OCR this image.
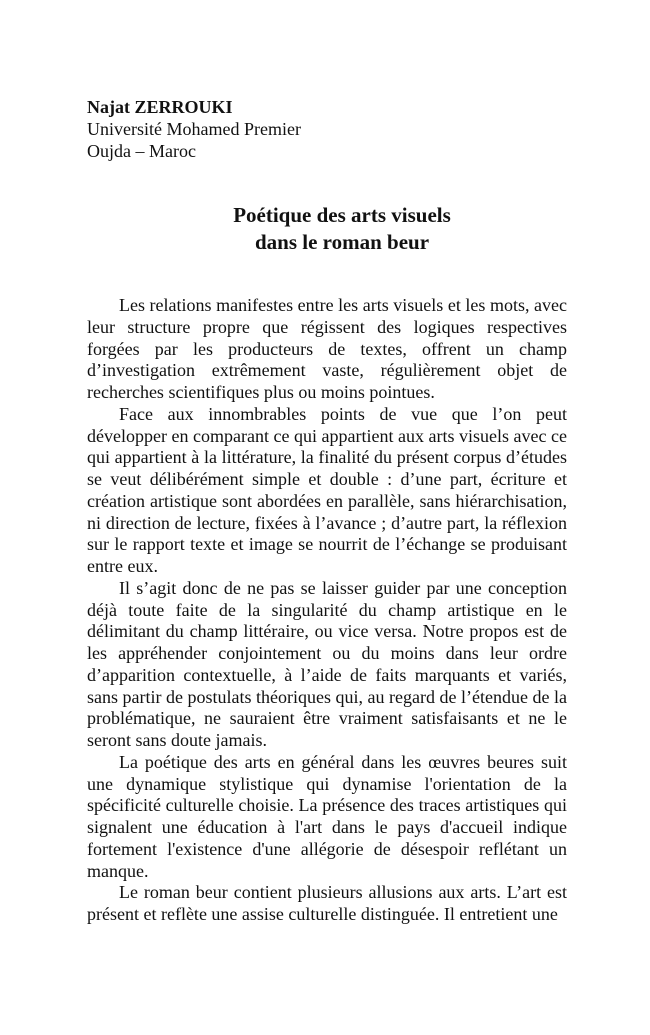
Najat ZERROUKI
Université Mohamed Premier
Oujda – Maroc
Poétique des arts visuels
dans le roman beur

Les relations manifestes entre les arts visuels et les mots, avec leur structure propre que régissent des logiques respectives forgées par les producteurs de textes, offrent un champ d’investigation extrêmement vaste, régulièrement objet de recherches scientifiques plus ou moins pointues.

Face aux innombrables points de vue que l’on peut développer en comparant ce qui appartient aux arts visuels avec ce qui appartient à la littérature, la finalité du présent corpus d’études se veut délibérément simple et double : d’une part, écriture et création artistique sont abordées en parallèle, sans hiérarchisation, ni direction de lecture, fixées à l’avance ; d’autre part, la réflexion sur le rapport texte et image se nourrit de l’échange se produisant entre eux.

Il s’agit donc de ne pas se laisser guider par une conception déjà toute faite de la singularité du champ artistique en le délimitant du champ littéraire, ou vice versa. Notre propos est de les appréhender conjointement ou du moins dans leur ordre d’apparition contextuelle, à l’aide de faits marquants et variés, sans partir de postulats théoriques qui, au regard de l’étendue de la problématique, ne sauraient être vraiment satisfaisants et ne le seront sans doute jamais.

La poétique des arts en général dans les œuvres beures suit une dynamique stylistique qui dynamise l'orientation de la spécificité culturelle choisie. La présence des traces artistiques qui signalent une éducation à l'art dans le pays d'accueil indique fortement l'existence d'une allégorie de désespoir reflétant un manque.

Le roman beur contient plusieurs allusions aux arts. L’art est présent et reflète une assise culturelle distinguée. Il entretient une
